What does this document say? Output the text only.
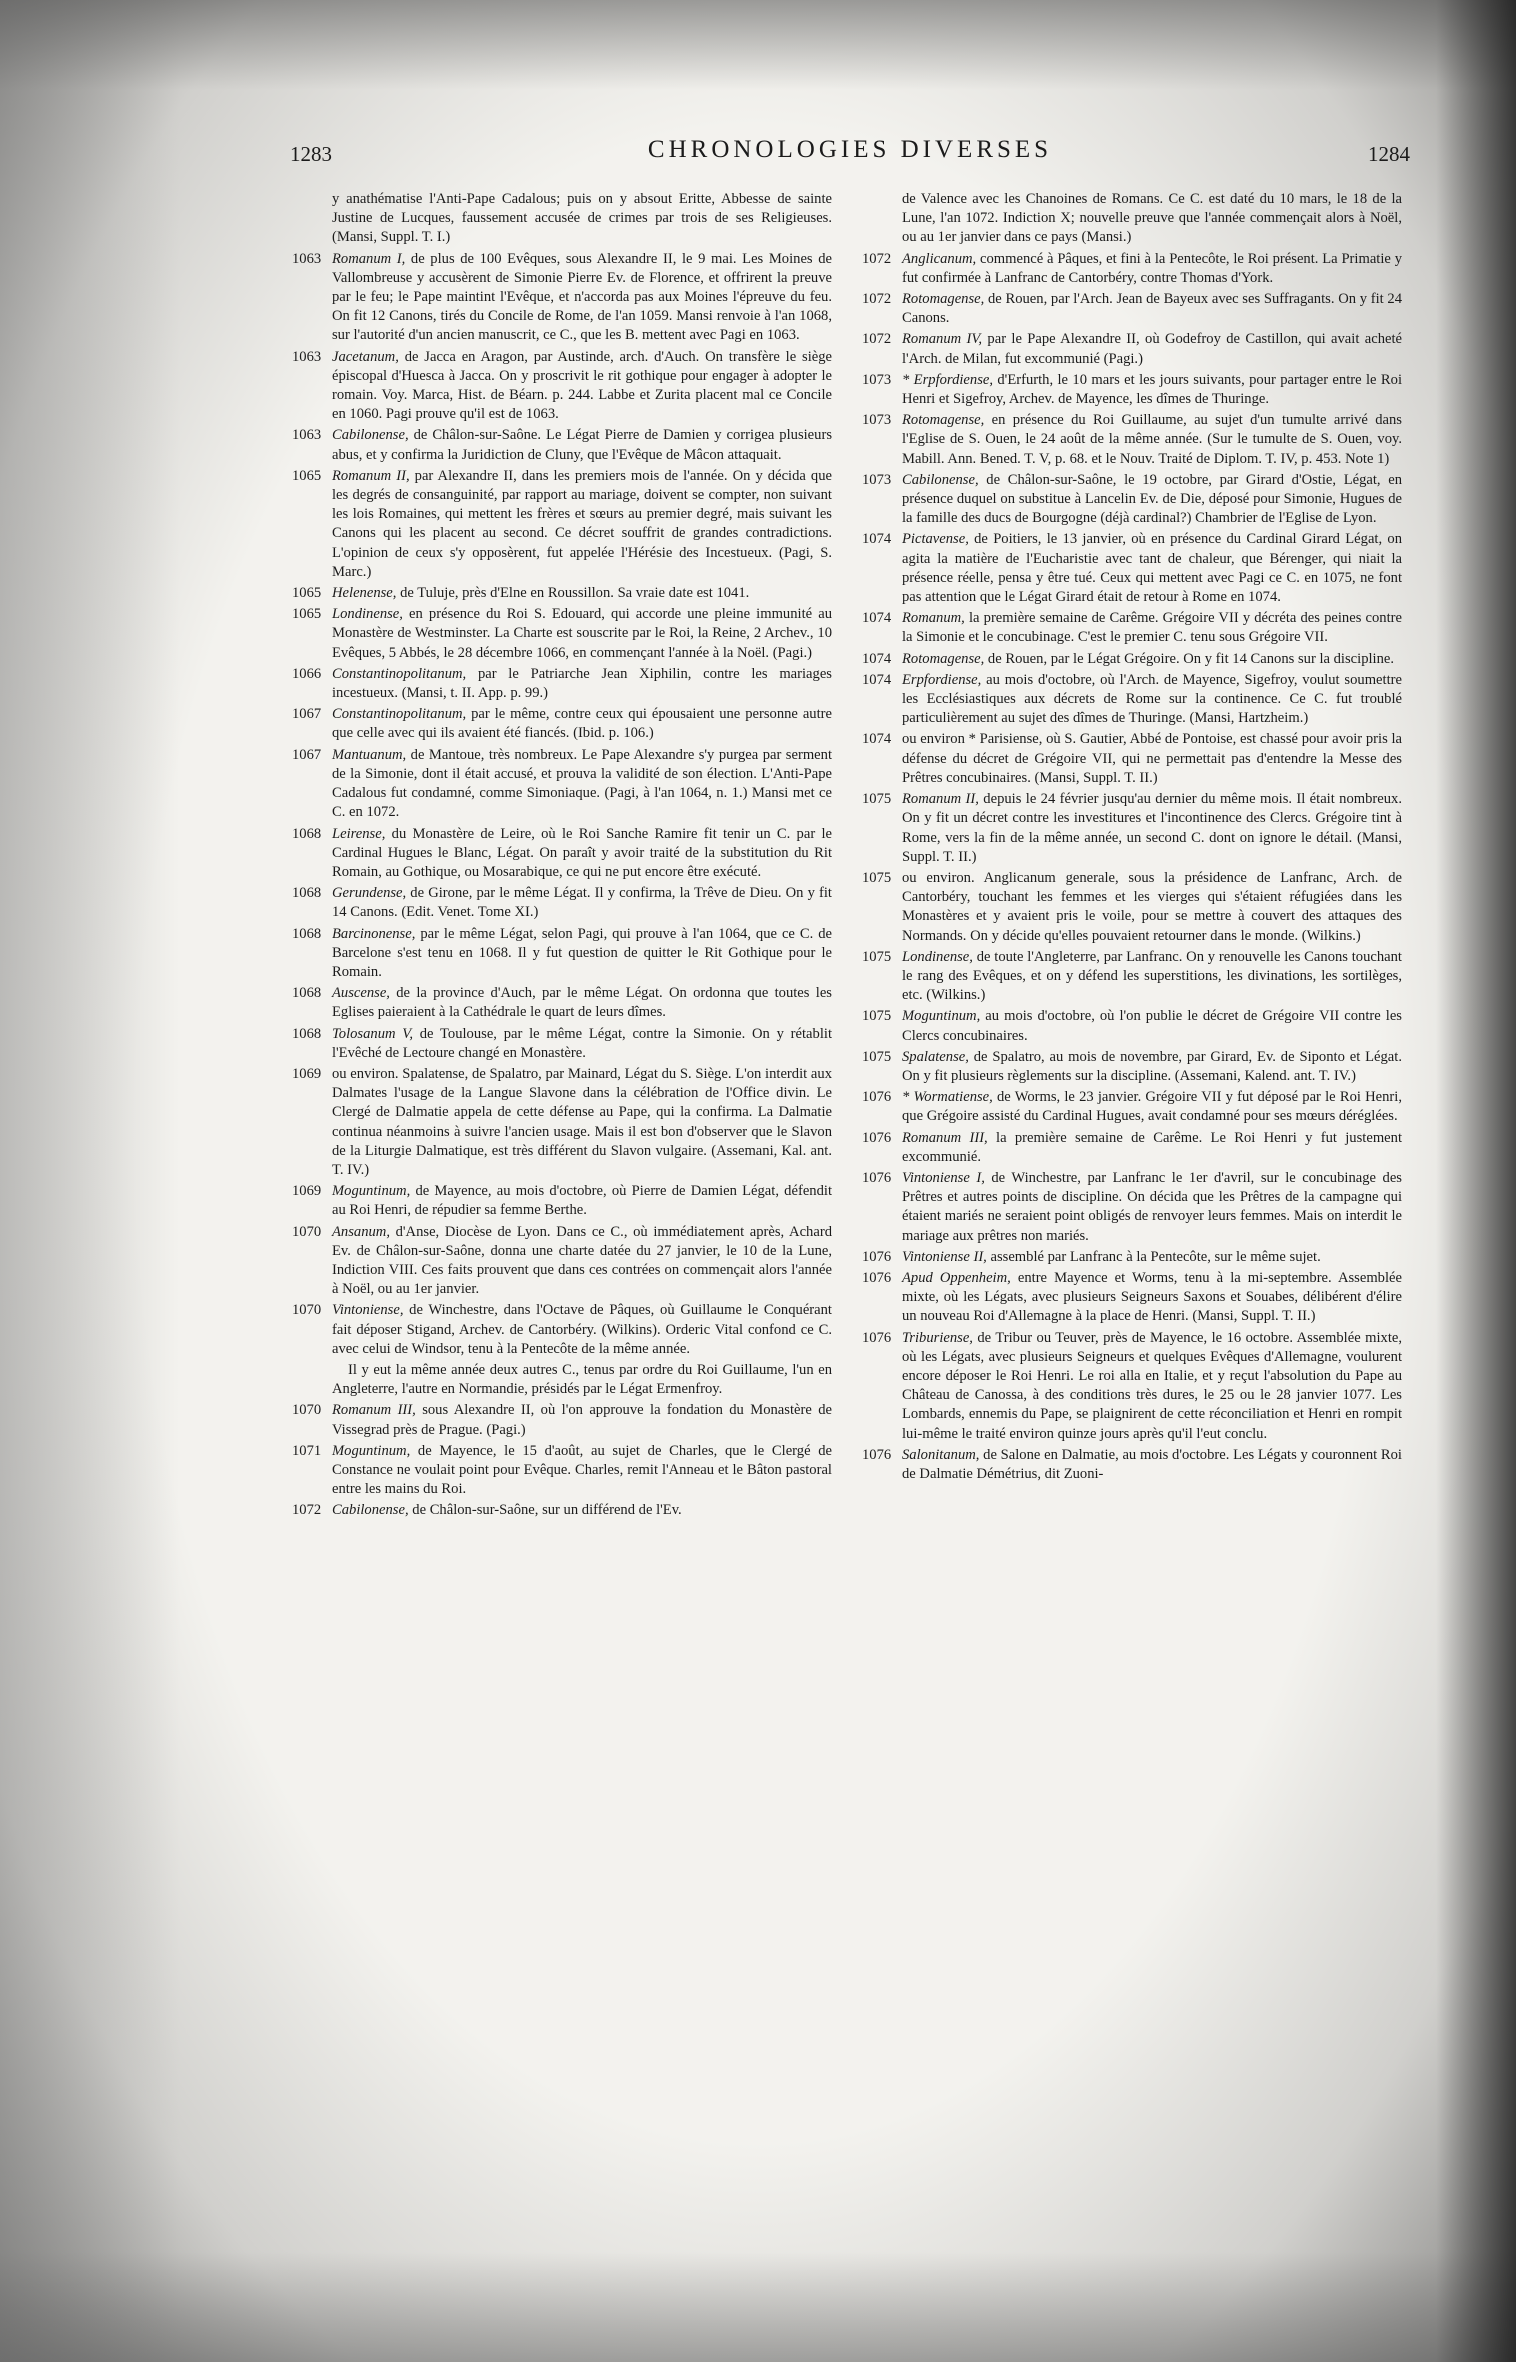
1283	CHRONOLOGIES DIVERSES	1284
y anathématise l'Anti-Pape Cadalous; puis on y absout Eritte, Abbesse de sainte Justine de Lucques, faussement accusée de crimes par trois de ses Religieuses. (Mansi, Suppl. T. I.)
1063 Romanum I, de plus de 100 Evêques, sous Alexandre II, le 9 mai. Les Moines de Vallombreuse y accusèrent de Simonie Pierre Ev. de Florence, et offrirent la preuve par le feu; le Pape maintint l'Evêque, et n'accorda pas aux Moines l'épreuve du feu. On fit 12 Canons, tirés du Concile de Rome, de l'an 1059. Mansi renvoie à l'an 1068, sur l'autorité d'un ancien manuscrit, ce C., que les B. mettent avec Pagi en 1063.
1063 Jacetanum, de Jacca en Aragon, par Austinde, arch. d'Auch. On transfère le siège épiscopal d'Huesca à Jacca. On y proscrivit le rit gothique pour engager à adopter le romain. Voy. Marca, Hist. de Béarn. p. 244. Labbe et Zurita placent mal ce Concile en 1060. Pagi prouve qu'il est de 1063.
1063 Cabilonense, de Châlon-sur-Saône. Le Légat Pierre de Damien y corrigea plusieurs abus, et y confirma la Juridiction de Cluny, que l'Evêque de Mâcon attaquait.
1065 Romanum II, par Alexandre II, dans les premiers mois de l'année. On y décida que les degrés de consanguinité, par rapport au mariage, doivent se compter, non suivant les lois Romaines, qui mettent les frères et sœurs au premier degré, mais suivant les Canons qui les placent au second. Ce décret souffrit de grandes contradictions. L'opinion de ceux s'y opposèrent, fut appelée l'Hérésie des Incestueux. (Pagi, S. Marc.)
1065 Helenense, de Tuluje, près d'Elne en Roussillon. Sa vraie date est 1041.
1065 Londinense, en présence du Roi S. Edouard, qui accorde une pleine immunité au Monastère de Westminster. La Charte est souscrite par le Roi, la Reine, 2 Archev., 10 Evêques, 5 Abbés, le 28 décembre 1066, en commençant l'année à la Noël. (Pagi.)
1066 Constantinopolitanum, par le Patriarche Jean Xiphilin, contre les mariages incestueux. (Mansi, t. II. App. p. 99.)
1067 Constantinopolitanum, par le même, contre ceux qui épousaient une personne autre que celle avec qui ils avaient été fiancés. (Ibid. p. 106.)
1067 Mantuanum, de Mantoue, très nombreux. Le Pape Alexandre s'y purgea par serment de la Simonie, dont il était accusé, et prouva la validité de son élection. L'Anti-Pape Cadalous fut condamné, comme Simoniaque. (Pagi, à l'an 1064, n. 1.) Mansi met ce C. en 1072.
1068 Leirense, du Monastère de Leire, où le Roi Sanche Ramire fit tenir un C. par le Cardinal Hugues le Blanc, Légat. On paraît y avoir traité de la substitution du Rit Romain, au Gothique, ou Mosarabique, ce qui ne put encore être exécuté.
1068 Gerundense, de Girone, par le même Légat. Il y confirma, la Trêve de Dieu. On y fit 14 Canons. (Edit. Venet. Tome XI.)
1068 Barcinonense, par le même Légat, selon Pagi, qui prouve à l'an 1064, que ce C. de Barcelone s'est tenu en 1068. Il y fut question de quitter le Rit Gothique pour le Romain.
1068 Auscense, de la province d'Auch, par le même Légat. On ordonna que toutes les Eglises paieraient à la Cathédrale le quart de leurs dîmes.
1068 Tolosanum V, de Toulouse, par le même Légat, contre la Simonie. On y rétablit l'Evêché de Lectoure changé en Monastère.
1069 ou environ. Spalatense, de Spalatro, par Mainard, Légat du S. Siège. L'on interdit aux Dalmates l'usage de la Langue Slavone dans la célébration de l'Office divin. Le Clergé de Dalmatie appela de cette défense au Pape, qui la confirma. La Dalmatie continua néanmoins à suivre l'ancien usage. Mais il est bon d'observer que le Slavon de la Liturgie Dalmatique, est très différent du Slavon vulgaire. (Assemani, Kal. ant. T. IV.)
1069 Moguntinum, de Mayence, au mois d'octobre, où Pierre de Damien Légat, défendit au Roi Henri, de répudier sa femme Berthe.
1070 Ansanum, d'Anse, Diocèse de Lyon. Dans ce C., où immédiatement après, Achard Ev. de Châlon-sur-Saône, donna une charte datée du 27 janvier, le 10 de la Lune, Indiction VIII. Ces faits prouvent que dans ces contrées on commençait alors l'année à Noël, ou au 1er janvier.
1070 Vintoniense, de Winchestre, dans l'Octave de Pâques, où Guillaume le Conquérant fait déposer Stigand, Archev. de Cantorbéry. (Wilkins). Orderic Vital confond ce C. avec celui de Windsor, tenu à la Pentecôte de la même année.
Il y eut la même année deux autres C., tenus par ordre du Roi Guillaume, l'un en Angleterre, l'autre en Normandie, présidés par le Légat Ermenfroy.
1070 Romanum III, sous Alexandre II, où l'on approuve la fondation du Monastère de Vissegrad près de Prague. (Pagi.)
1071 Moguntinum, de Mayence, le 15 d'août, au sujet de Charles, que le Clergé de Constance ne voulait point pour Evêque. Charles, remit l'Anneau et le Bâton pastoral entre les mains du Roi.
1072 Cabilonense, de Châlon-sur-Saône, sur un différend de l'Ev.
de Valence avec les Chanoines de Romans. Ce C. est daté du 10 mars, le 18 de la Lune, l'an 1072. Indiction X; nouvelle preuve que l'année commençait alors à Noël, ou au 1er janvier dans ce pays (Mansi.)
1072 Anglicanum, commencé à Pâques, et fini à la Pentecôte, le Roi présent. La Primatie y fut confirmée à Lanfranc de Cantorbéry, contre Thomas d'York.
1072 Rotomagense, de Rouen, par l'Arch. Jean de Bayeux avec ses Suffragants. On y fit 24 Canons.
1072 Romanum IV, par le Pape Alexandre II, où Godefroy de Castillon, qui avait acheté l'Arch. de Milan, fut excommunié (Pagi.)
1073 * Erpfordiense, d'Erfurth, le 10 mars et les jours suivants, pour partager entre le Roi Henri et Sigefroy, Archev. de Mayence, les dîmes de Thuringe.
1073 Rotomagense, en présence du Roi Guillaume, au sujet d'un tumulte arrivé dans l'Eglise de S. Ouen, le 24 août de la même année. (Sur le tumulte de S. Ouen, voy. Mabill. Ann. Bened. T. V, p. 68. et le Nouv. Traité de Diplom. T. IV, p. 453. Note 1)
1073 Cabilonense, de Châlon-sur-Saône, le 19 octobre, par Girard d'Ostie, Légat, en présence duquel on substitue à Lancelin Ev. de Die, déposé pour Simonie, Hugues de la famille des ducs de Bourgogne (déjà cardinal?) Chambrier de l'Eglise de Lyon.
1074 Pictavense, de Poitiers, le 13 janvier, où en présence du Cardinal Girard Légat, on agita la matière de l'Eucharistie avec tant de chaleur, que Bérenger, qui niait la présence réelle, pensa y être tué. Ceux qui mettent avec Pagi ce C. en 1075, ne font pas attention que le Légat Girard était de retour à Rome en 1074.
1074 Romanum, la première semaine de Carême. Grégoire VII y décréta des peines contre la Simonie et le concubinage. C'est le premier C. tenu sous Grégoire VII.
1074 Rotomagense, de Rouen, par le Légat Grégoire. On y fit 14 Canons sur la discipline.
1074 Erpfordiense, au mois d'octobre, où l'Arch. de Mayence, Sigefroy, voulut soumettre les Ecclésiastiques aux décrets de Rome sur la continence. Ce C. fut troublé particulièrement au sujet des dîmes de Thuringe. (Mansi, Hartzheim.)
1074 ou environ * Parisiense, où S. Gautier, Abbé de Pontoise, est chassé pour avoir pris la défense du décret de Grégoire VII, qui ne permettait pas d'entendre la Messe des Prêtres concubinaires. (Mansi, Suppl. T. II.)
1075 Romanum II, depuis le 24 février jusqu'au dernier du même mois. Il était nombreux. On y fit un décret contre les investitures et l'incontinence des Clercs. Grégoire tint à Rome, vers la fin de la même année, un second C. dont on ignore le détail. (Mansi, Suppl. T. II.)
1075 ou environ. Anglicanum generale, sous la présidence de Lanfranc, Arch. de Cantorbéry, touchant les femmes et les vierges qui s'étaient réfugiées dans les Monastères et y avaient pris le voile, pour se mettre à couvert des attaques des Normands. On y décide qu'elles pouvaient retourner dans le monde. (Wilkins.)
1075 Londinense, de toute l'Angleterre, par Lanfranc. On y renouvelle les Canons touchant le rang des Evêques, et on y défend les superstitions, les divinations, les sortilèges, etc. (Wilkins.)
1075 Moguntinum, au mois d'octobre, où l'on publie le décret de Grégoire VII contre les Clercs concubinaires.
1075 Spalatense, de Spalatro, au mois de novembre, par Girard, Ev. de Siponto et Légat. On y fit plusieurs règlements sur la discipline. (Assemani, Kalend. ant. T. IV.)
1076 * Wormatiense, de Worms, le 23 janvier. Grégoire VII y fut déposé par le Roi Henri, que Grégoire assisté du Cardinal Hugues, avait condamné pour ses mœurs déréglées.
1076 Romanum III, la première semaine de Carême. Le Roi Henri y fut justement excommunié.
1076 Vintoniense I, de Winchestre, par Lanfranc le 1er d'avril, sur le concubinage des Prêtres et autres points de discipline. On décida que les Prêtres de la campagne qui étaient mariés ne seraient point obligés de renvoyer leurs femmes. Mais on interdit le mariage aux prêtres non mariés.
1076 Vintoniense II, assemblé par Lanfranc à la Pentecôte, sur le même sujet.
1076 Apud Oppenheim, entre Mayence et Worms, tenu à la mi-septembre. Assemblée mixte, où les Légats, avec plusieurs Seigneurs Saxons et Souabes, délibérent d'élire un nouveau Roi d'Allemagne à la place de Henri. (Mansi, Suppl. T. II.)
1076 Triburiense, de Tribur ou Teuver, près de Mayence, le 16 octobre. Assemblée mixte, où les Légats, avec plusieurs Seigneurs et quelques Evêques d'Allemagne, voulurent encore déposer le Roi Henri. Le roi alla en Italie, et y reçut l'absolution du Pape au Château de Canossa, à des conditions très dures, le 25 ou le 28 janvier 1077. Les Lombards, ennemis du Pape, se plaignirent de cette réconciliation et Henri en rompit lui-même le traité environ quinze jours après qu'il l'eut conclu.
1076 Salonitanum, de Salone en Dalmatie, au mois d'octobre. Les Légats y couronnent Roi de Dalmatie Démétrius, dit Zuoni-
